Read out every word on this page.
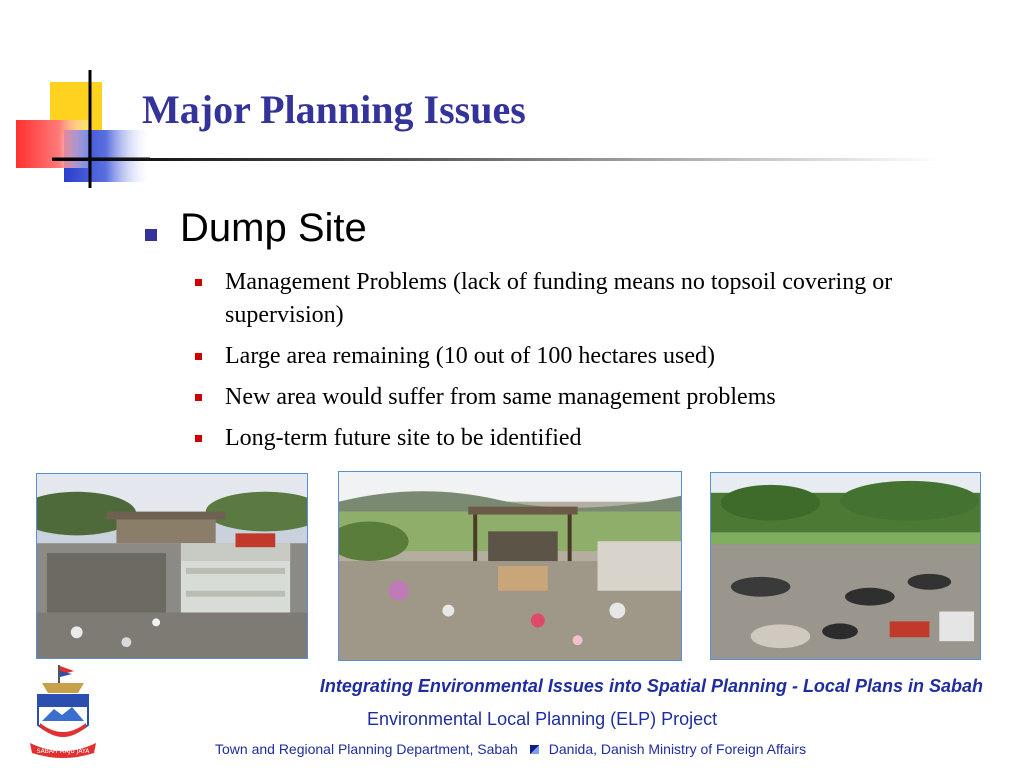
Major Planning Issues
Dump Site
Management Problems (lack of funding means no topsoil covering or supervision)
Large area remaining (10 out of 100 hectares used)
New area would suffer from same management problems
Long-term future site to be identified
SABAH MAJU JAYA
Integrating Environmental Issues into Spatial Planning - Local Plans in Sabah
Environmental Local Planning (ELP) Project
Town and Regional Planning Department, Sabah Danida, Danish Ministry of Foreign Affairs
